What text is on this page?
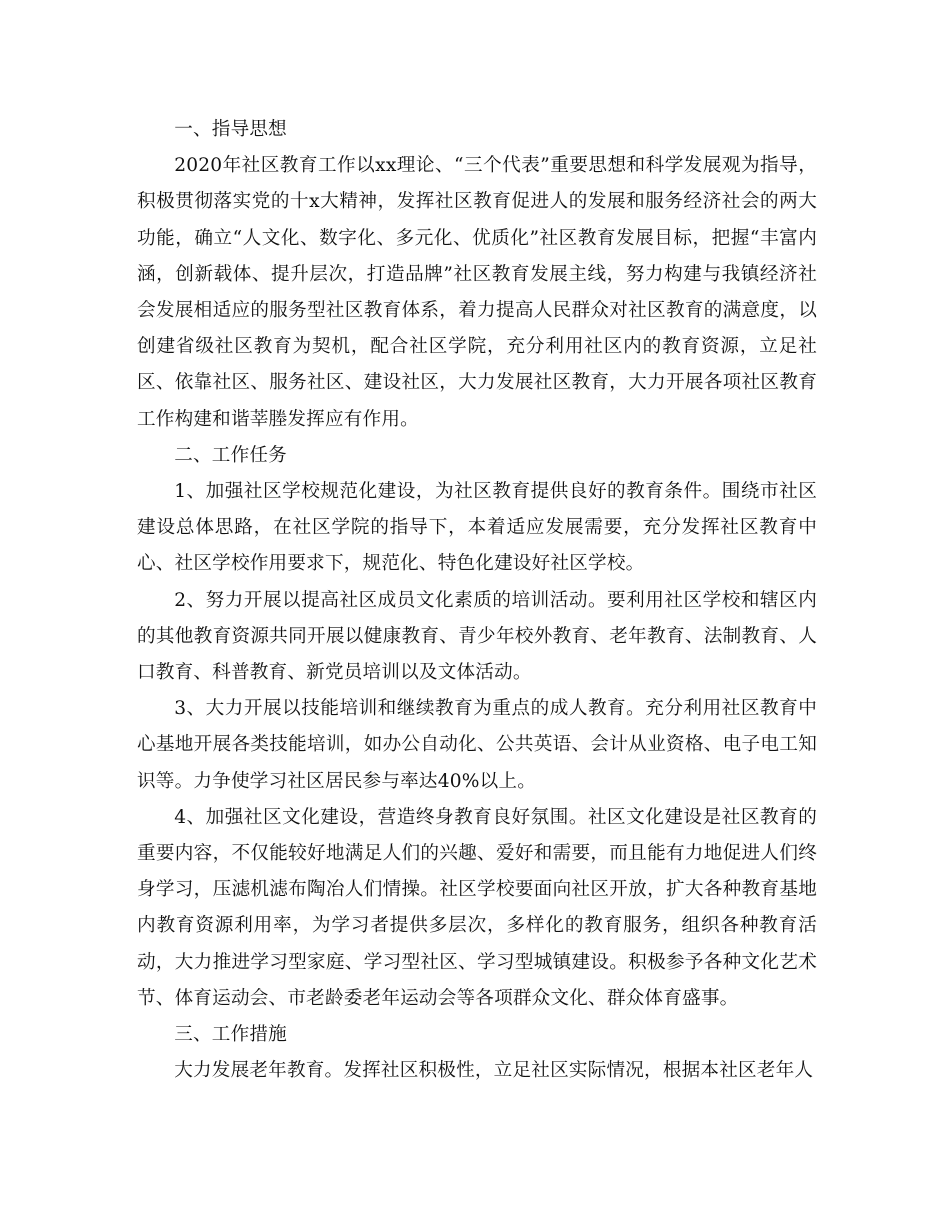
一、指导思想

2020年社区教育工作以xx理论、“三个代表”重要思想和科学发展观为指导，积极贯彻落实党的十x大精神，发挥社区教育促进人的发展和服务经济社会的两大功能，确立“人文化、数字化、多元化、优质化”社区教育发展目标，把握“丰富内涵，创新载体、提升层次，打造品牌”社区教育发展主线，努力构建与我镇经济社会发展相适应的服务型社区教育体系，着力提高人民群众对社区教育的满意度，以创建省级社区教育为契机，配合社区学院，充分利用社区内的教育资源，立足社区、依靠社区、服务社区、建设社区，大力发展社区教育，大力开展各项社区教育工作构建和谐莘塍发挥应有作用。

二、工作任务

1、加强社区学校规范化建设，为社区教育提供良好的教育条件。围绕市社区建设总体思路，在社区学院的指导下，本着适应发展需要，充分发挥社区教育中心、社区学校作用要求下，规范化、特色化建设好社区学校。

2、努力开展以提高社区成员文化素质的培训活动。要利用社区学校和辖区内的其他教育资源共同开展以健康教育、青少年校外教育、老年教育、法制教育、人口教育、科普教育、新党员培训以及文体活动。

3、大力开展以技能培训和继续教育为重点的成人教育。充分利用社区教育中心基地开展各类技能培训，如办公自动化、公共英语、会计从业资格、电子电工知识等。力争使学习社区居民参与率达40%以上。

4、加强社区文化建设，营造终身教育良好氛围。社区文化建设是社区教育的重要内容，不仅能较好地满足人们的兴趣、爱好和需要，而且能有力地促进人们终身学习，压滤机滤布陶冶人们情操。社区学校要面向社区开放，扩大各种教育基地内教育资源利用率，为学习者提供多层次，多样化的教育服务，组织各种教育活动，大力推进学习型家庭、学习型社区、学习型城镇建设。积极参予各种文化艺术节、体育运动会、市老龄委老年运动会等各项群众文化、群众体育盛事。

三、工作措施

大力发展老年教育。发挥社区积极性，立足社区实际情况，根据本社区老年人
